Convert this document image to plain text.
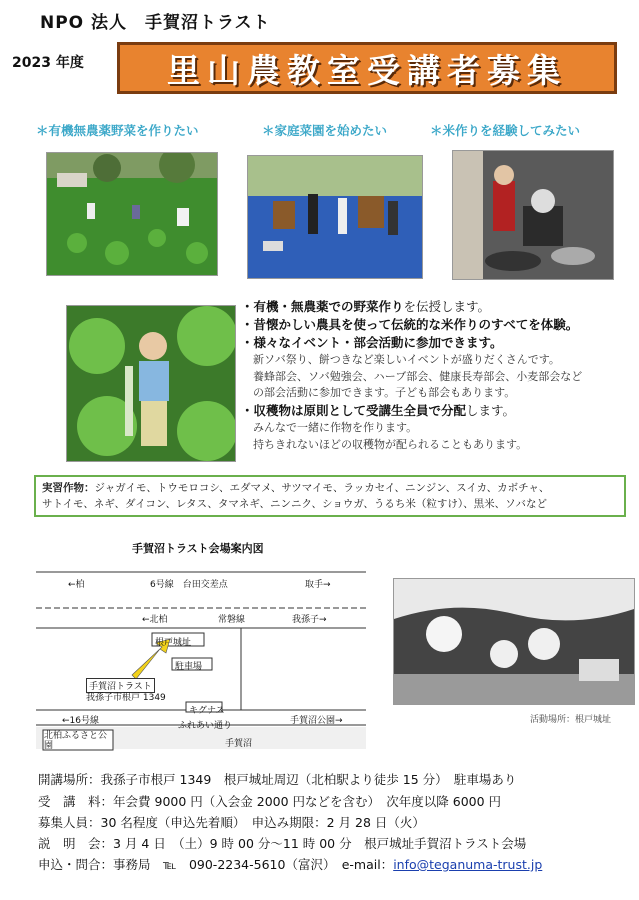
NPO 法人　手賀沼トラスト
2023 年度	里山農教室受講者募集
＊有機無農薬野菜を作りたい	＊家庭菜園を始めたい	＊米作りを経験してみたい
・有機・無農薬での野菜作りを伝授します。
・昔懐かしい農具を使って伝統的な米作りのすべてを体験。
・様々なイベント・部会活動に参加できます。
新ソバ祭り、餅つきなど楽しいイベントが盛りだくさんです。
養蜂部会、ソバ勉強会、ハーブ部会、健康長寿部会、小麦部会など
の部会活動に参加できます。子ども部会もあります。
・収穫物は原則として受講生全員で分配します。
みんなで一緒に作物を作ります。
持ちきれないほどの収穫物が配られることもあります。
実習作物：ジャガイモ、トウモロコシ、エダマメ、サツマイモ、ラッカセイ、ニンジン、スイカ、カボチャ、
サトイモ、ネギ、ダイコン、レタス、タマネギ、ニンニク、ショウガ、うるち米（粒すけ）、黒米、ソバなど
手賀沼トラスト会場案内図
←柏	6号線　台田交差点	取手→
←北柏	常磐線	我孫子→
根戸城址
駐車場
手賀沼トラスト
我孫子市根戸 1349
キグナス
←16号線	ふれあい通り	手賀沼公園→
北柏ふるさと公園	手賀沼
活動場所：根戸城址
開講場所：我孫子市根戸 1349　根戸城址周辺（北柏駅より徒歩 15 分）　駐車場あり
受　講　料：年会費 9000 円（入会金 2000 円などを含む）　次年度以降 6000 円
募集人員：30 名程度（申込先着順）　申込み期限：2 月 28 日（火）
説　明　会：3 月 4 日　（土）9 時 00 分～11 時 00 分　根戸城址手賀沼トラスト会場
申込・問合：事務局　℡　090-2234-5610（富沢）　e-mail：info@teganuma-trust.jp
